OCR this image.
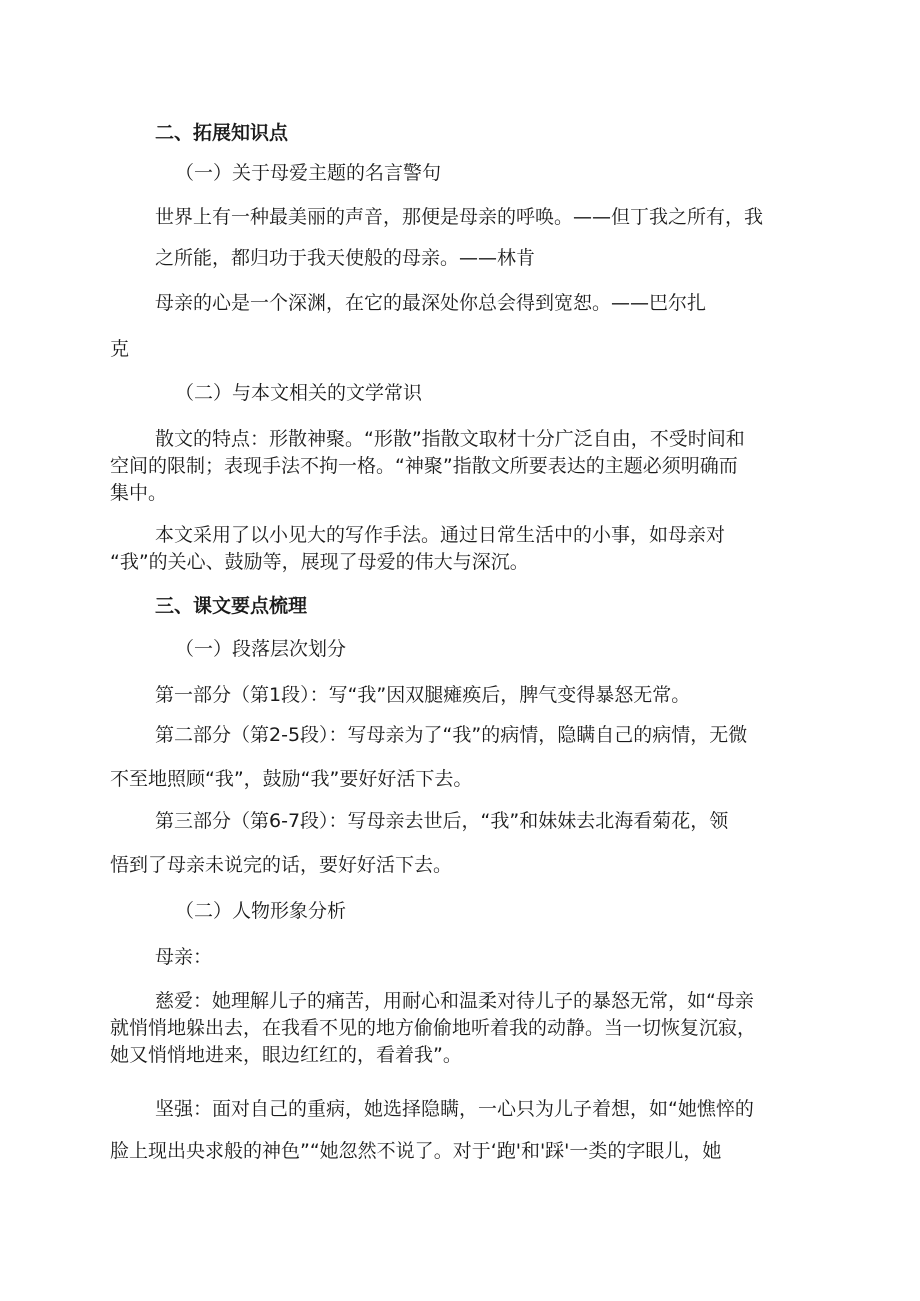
二、拓展知识点
（一）关于母爱主题的名言警句
世界上有一种最美丽的声音，那便是母亲的呼唤。——但丁我之所有，我
之所能，都归功于我天使般的母亲。——林肯
母亲的心是一个深渊，在它的最深处你总会得到宽恕。——巴尔扎
克
（二）与本文相关的文学常识
散文的特点：形散神聚。“形散”指散文取材十分广泛自由，不受时间和
空间的限制；表现手法不拘一格。“神聚”指散文所要表达的主题必须明确而
集中。
本文采用了以小见大的写作手法。通过日常生活中的小事，如母亲对
“我”的关心、鼓励等，展现了母爱的伟大与深沉。
三、课文要点梳理
（一）段落层次划分
第一部分（第1段）：写“我”因双腿瘫痪后，脾气变得暴怒无常。
第二部分（第2-5段）：写母亲为了“我”的病情，隐瞒自己的病情，无微
不至地照顾“我”，鼓励“我”要好好活下去。
第三部分（第6-7段）：写母亲去世后，“我”和妹妹去北海看菊花，领
悟到了母亲未说完的话，要好好活下去。
（二）人物形象分析
母亲：
慈爱：她理解儿子的痛苦，用耐心和温柔对待儿子的暴怒无常，如“母亲
就悄悄地躲出去，在我看不见的地方偷偷地听着我的动静。当一切恢复沉寂，
她又悄悄地进来，眼边红红的，看着我”。
坚强：面对自己的重病，她选择隐瞒，一心只为儿子着想，如“她憔悴的
脸上现出央求般的神色”“她忽然不说了。对于‘跑'和'踩'一类的字眼儿，她
